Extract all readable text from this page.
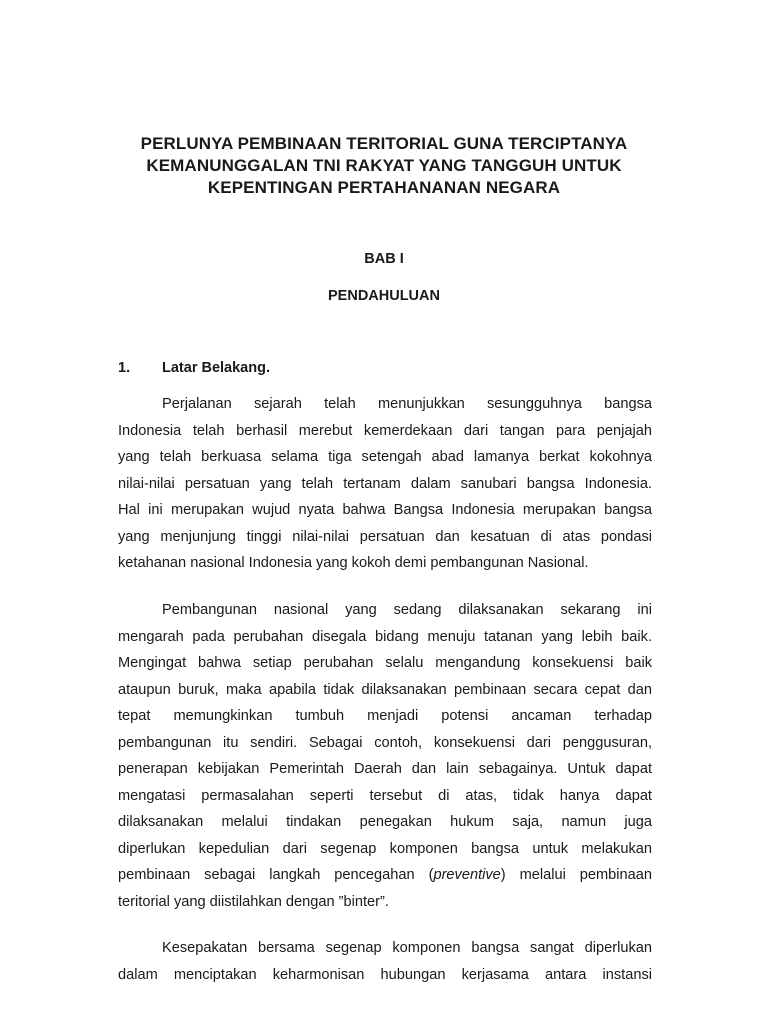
PERLUNYA PEMBINAAN TERITORIAL GUNA TERCIPTANYA
KEMANUNGGALAN TNI RAKYAT YANG TANGGUH UNTUK
KEPENTINGAN PERTAHANANAN NEGARA
BAB I
PENDAHULUAN
1. Latar Belakang.
Perjalanan sejarah telah menunjukkan sesungguhnya bangsa
Indonesia telah berhasil merebut kemerdekaan dari tangan para penjajah
yang telah berkuasa selama tiga setengah abad lamanya berkat kokohnya
nilai-nilai persatuan yang telah tertanam dalam sanubari bangsa Indonesia.
Hal ini merupakan wujud nyata bahwa Bangsa Indonesia merupakan bangsa
yang menjunjung tinggi nilai-nilai persatuan dan kesatuan di atas pondasi
ketahanan nasional Indonesia yang kokoh demi pembangunan Nasional.
Pembangunan nasional yang sedang dilaksanakan sekarang ini
mengarah pada perubahan disegala bidang menuju tatanan yang lebih baik.
Mengingat bahwa setiap perubahan selalu mengandung konsekuensi baik
ataupun buruk, maka apabila tidak dilaksanakan pembinaan secara cepat dan
tepat memungkinkan tumbuh menjadi potensi ancaman terhadap
pembangunan itu sendiri. Sebagai contoh, konsekuensi dari penggusuran,
penerapan kebijakan Pemerintah Daerah dan lain sebagainya. Untuk dapat
mengatasi permasalahan seperti tersebut di atas, tidak hanya dapat
dilaksanakan melalui tindakan penegakan hukum saja, namun juga
diperlukan kepedulian dari segenap komponen bangsa untuk melakukan
pembinaan sebagai langkah pencegahan (preventive) melalui pembinaan
teritorial yang diistilahkan dengan ”binter”.
Kesepakatan bersama segenap komponen bangsa sangat diperlukan
dalam menciptakan keharmonisan hubungan kerjasama antara instansi
